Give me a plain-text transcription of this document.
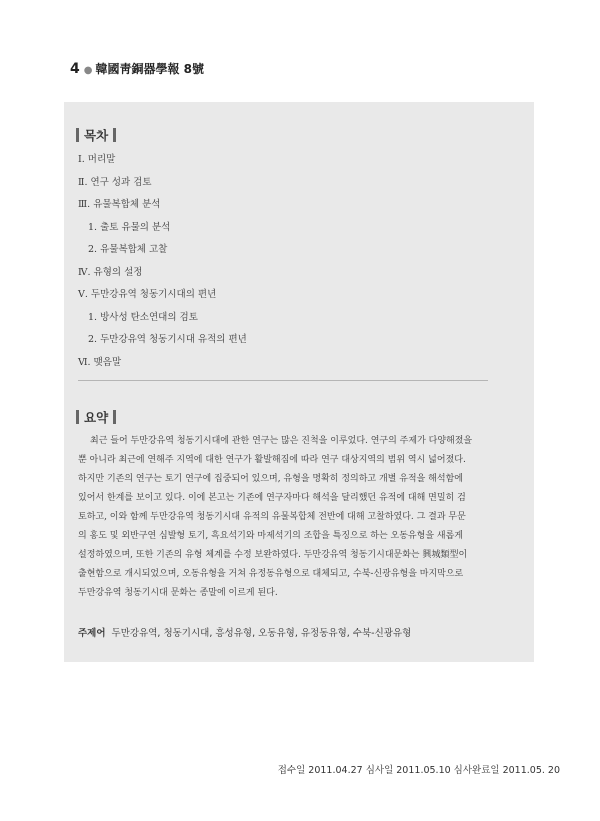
4 ● 韓國靑銅器學報 8號
목차
Ⅰ. 머리말
Ⅱ. 연구 성과 검토
Ⅲ. 유물복합체 분석
1. 출토 유물의 분석
2. 유물복합체 고찰
Ⅳ. 유형의 설정
Ⅴ. 두만강유역 청동기시대의 편년
1. 방사성 탄소연대의 검토
2. 두만강유역 청동기시대 유적의 편년
Ⅵ. 맺음말
요약
최근 들어 두만강유역 청동기시대에 관한 연구는 많은 진척을 이루었다. 연구의 주제가 다양해졌을
뿐 아니라 최근에 연해주 지역에 대한 연구가 활발해짐에 따라 연구 대상지역의 범위 역시 넓어졌다.
하지만 기존의 연구는 토기 연구에 집중되어 있으며, 유형을 명확히 정의하고 개별 유적을 해석함에
있어서 한계를 보이고 있다. 이에 본고는 기존에 연구자마다 해석을 달리했던 유적에 대해 면밀히 검
토하고, 이와 함께 두만강유역 청동기시대 유적의 유물복합체 전반에 대해 고찰하였다. 그 결과 무문
의 홍도 및 외반구연 심발형 토기, 흑요석기와 마제석기의 조합을 특징으로 하는 오동유형을 새롭게
설정하였으며, 또한 기존의 유형 체계를 수정 보완하였다. 두만강유역 청동기시대문화는 興城類型이
출현함으로 개시되었으며, 오동유형을 거쳐 유정동유형으로 대체되고, 수북-신광유형을 마지막으로
두만강유역 청동기시대 문화는 종말에 이르게 된다.
주제어 두만강유역, 청동기시대, 흥성유형, 오동유형, 유정동유형, 수북-신광유형
접수일 2011.04.27 심사일 2011.05.10 심사완료일 2011.05. 20
